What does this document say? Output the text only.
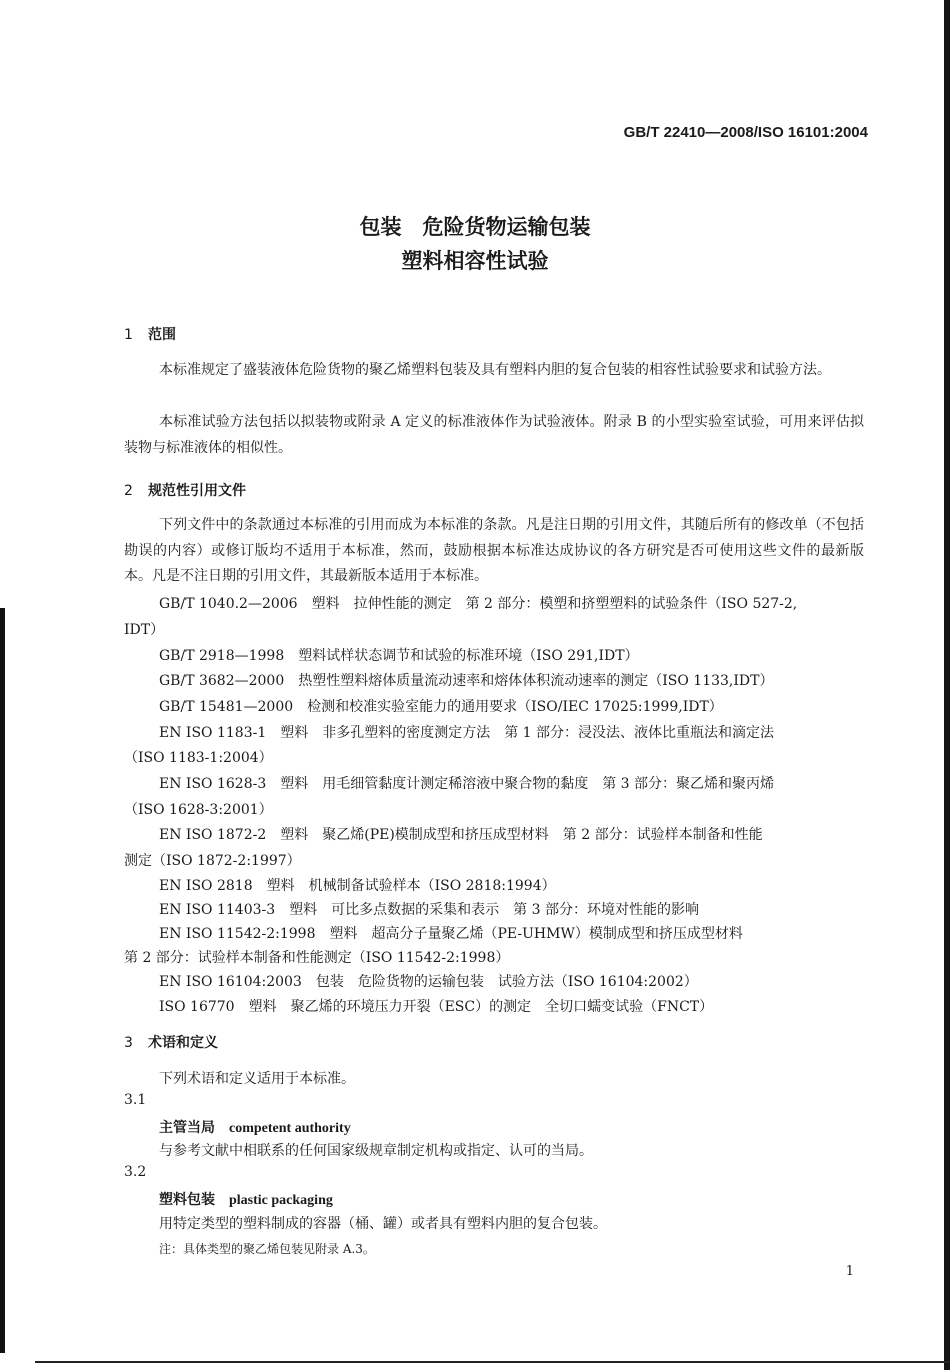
GB/T 22410—2008/ISO 16101:2004

包装　危险货物运输包装
塑料相容性试验
1 范围

本标准规定了盛装液体危险货物的聚乙烯塑料包装及具有塑料内胆的复合包装的相容性试验要求和试验方法。

本标准试验方法包括以拟装物或附录 A 定义的标准液体作为试验液体。附录 B 的小型实验室试验，可用来评估拟装物与标准液体的相似性。

2 规范性引用文件

下列文件中的条款通过本标准的引用而成为本标准的条款。凡是注日期的引用文件，其随后所有的修改单（不包括勘误的内容）或修订版均不适用于本标准，然而，鼓励根据本标准达成协议的各方研究是否可使用这些文件的最新版本。凡是不注日期的引用文件，其最新版本适用于本标准。

GB/T 1040.2—2006　塑料　拉伸性能的测定　第 2 部分：模塑和挤塑塑料的试验条件（ISO 527-2,

IDT）

GB/T 2918—1998　塑料试样状态调节和试验的标准环境（ISO 291,IDT）

GB/T 3682—2000　热塑性塑料熔体质量流动速率和熔体体积流动速率的测定（ISO 1133,IDT）

GB/T 15481—2000　检测和校准实验室能力的通用要求（ISO/IEC 17025:1999,IDT）

EN ISO 1183-1　塑料　非多孔塑料的密度测定方法　第 1 部分：浸没法、液体比重瓶法和滴定法

（ISO 1183-1:2004）

EN ISO 1628-3　塑料　用毛细管黏度计测定稀溶液中聚合物的黏度　第 3 部分：聚乙烯和聚丙烯

（ISO 1628-3:2001）

EN ISO 1872-2　塑料　聚乙烯(PE)模制成型和挤压成型材料　第 2 部分：试验样本制备和性能

测定（ISO 1872-2:1997）

EN ISO 2818　塑料　机械制备试验样本（ISO 2818:1994）

EN ISO 11403-3　塑料　可比多点数据的采集和表示　第 3 部分：环境对性能的影响

EN ISO 11542-2:1998　塑料　超高分子量聚乙烯（PE-UHMW）模制成型和挤压成型材料

第 2 部分：试验样本制备和性能测定（ISO 11542-2:1998）

EN ISO 16104:2003　包装　危险货物的运输包装　试验方法（ISO 16104:2002）

ISO 16770　塑料　聚乙烯的环境压力开裂（ESC）的测定　全切口蠕变试验（FNCT）

3 术语和定义

下列术语和定义适用于本标准。

3.1

主管当局 competent authority

与参考文献中相联系的任何国家级规章制定机构或指定、认可的当局。

3.2

塑料包装 plastic packaging

用特定类型的塑料制成的容器（桶、罐）或者具有塑料内胆的复合包装。

注：具体类型的聚乙烯包装见附录 A.3。

1
